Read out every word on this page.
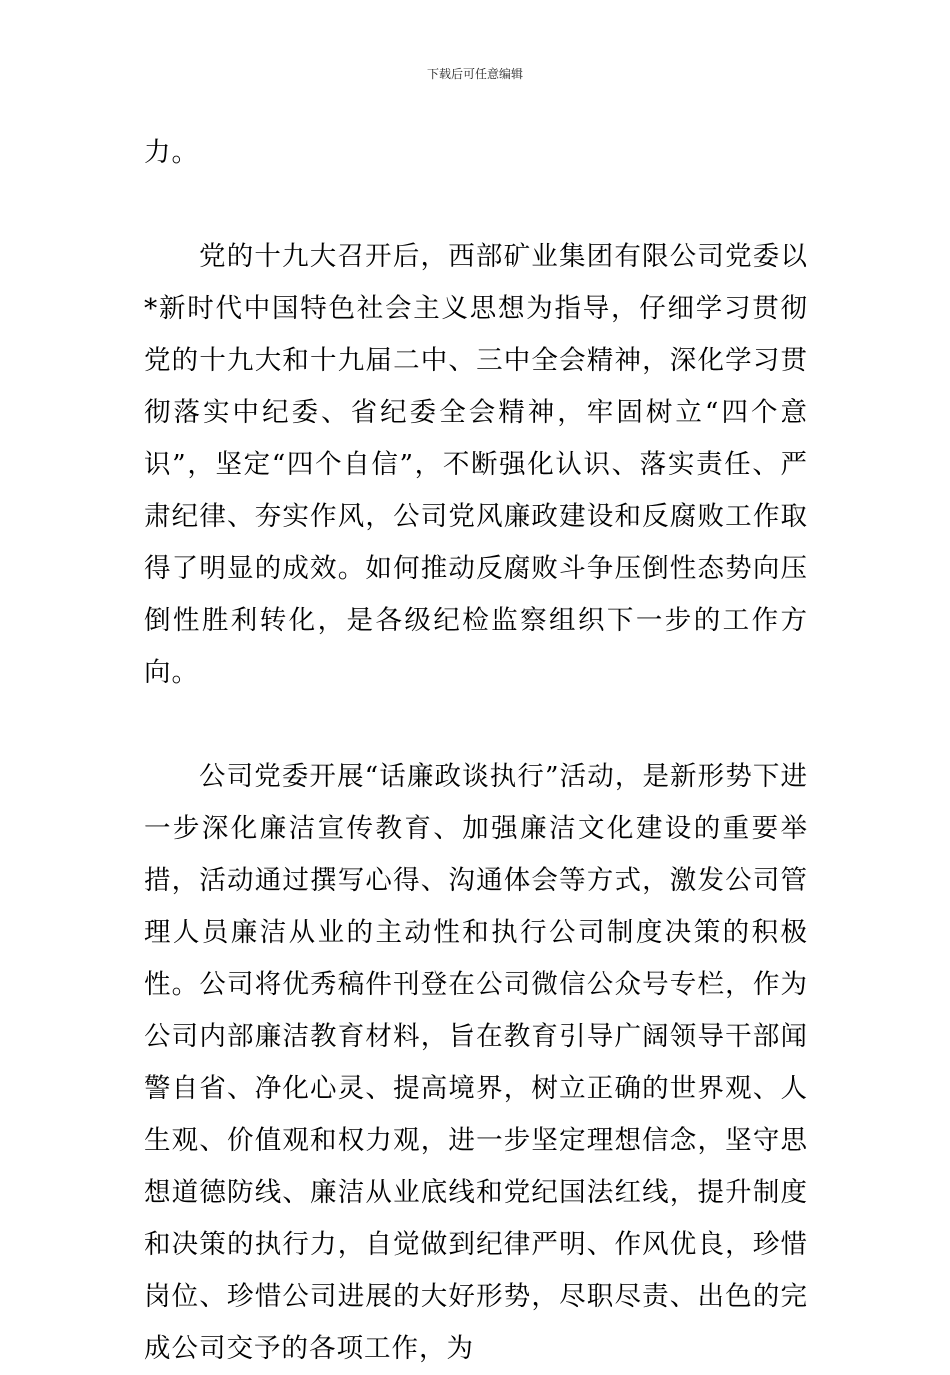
下载后可任意编辑

力。

党的十九大召开后，西部矿业集团有限公司党委以*新时代中国特色社会主义思想为指导，仔细学习贯彻党的十九大和十九届二中、三中全会精神，深化学习贯彻落实中纪委、省纪委全会精神，牢固树立“四个意识”，坚定“四个自信”，不断强化认识、落实责任、严肃纪律、夯实作风，公司党风廉政建设和反腐败工作取得了明显的成效。如何推动反腐败斗争压倒性态势向压倒性胜利转化，是各级纪检监察组织下一步的工作方向。

公司党委开展“话廉政谈执行”活动，是新形势下进一步深化廉洁宣传教育、加强廉洁文化建设的重要举措，活动通过撰写心得、沟通体会等方式，激发公司管理人员廉洁从业的主动性和执行公司制度决策的积极性。公司将优秀稿件刊登在公司微信公众号专栏，作为公司内部廉洁教育材料，旨在教育引导广阔领导干部闻警自省、净化心灵、提高境界，树立正确的世界观、人生观、价值观和权力观，进一步坚定理想信念，坚守思想道德防线、廉洁从业底线和党纪国法红线，提升制度和决策的执行力，自觉做到纪律严明、作风优良，珍惜岗位、珍惜公司进展的大好形势，尽职尽责、出色的完成公司交予的各项工作，为
